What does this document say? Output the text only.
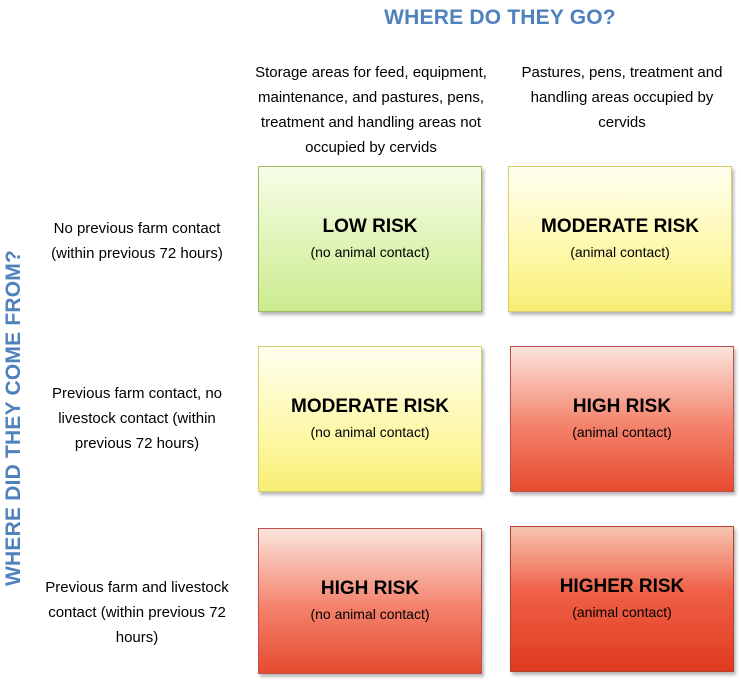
WHERE DO THEY GO?
WHERE DID THEY COME FROM?
Storage areas for feed, equipment, maintenance, and pastures, pens, treatment and handling areas not occupied by cervids
Pastures, pens, treatment and handling areas occupied by cervids
No previous farm contact (within previous 72 hours)
Previous farm contact, no livestock contact (within previous 72 hours)
Previous farm and livestock contact (within previous 72 hours)
LOW RISK
(no animal contact)
MODERATE RISK
(animal contact)
MODERATE RISK
(no animal contact)
HIGH RISK
(animal contact)
HIGH RISK
(no animal contact)
HIGHER RISK
(animal contact)
